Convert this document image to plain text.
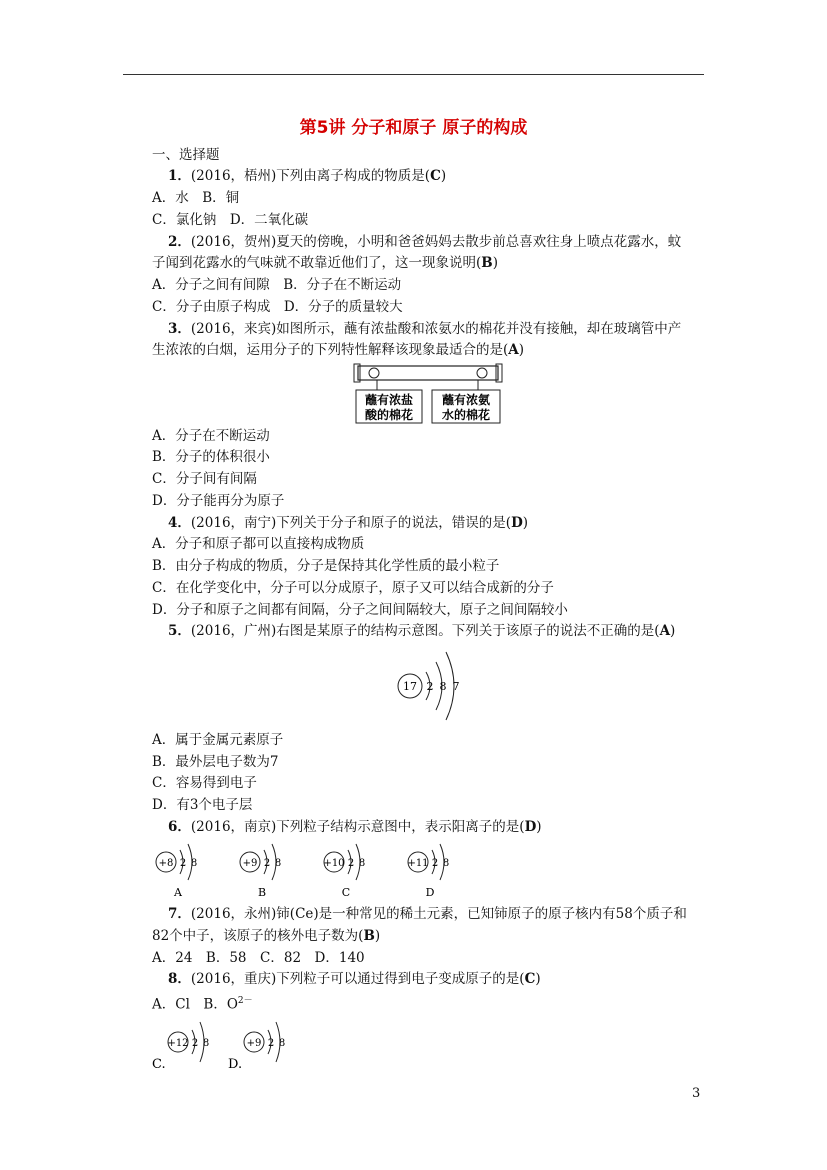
第5讲 分子和原子 原子的构成
一、选择题
1．(2016，梧州)下列由离子构成的物质是(C)
A．水　B．铜
C．氯化钠　D．二氧化碳
2．(2016，贺州)夏天的傍晚，小明和爸爸妈妈去散步前总喜欢往身上喷点花露水，蚊
子闻到花露水的气味就不敢靠近他们了，这一现象说明(B)
A．分子之间有间隙　B．分子在不断运动
C．分子由原子构成　D．分子的质量较大
3．(2016，来宾)如图所示，蘸有浓盐酸和浓氨水的棉花并没有接触，却在玻璃管中产
生浓浓的白烟，运用分子的下列特性解释该现象最适合的是(A)
蘸有浓盐
酸的棉花
蘸有浓氨
水的棉花
A．分子在不断运动
B．分子的体积很小
C．分子间有间隔
D．分子能再分为原子
4．(2016，南宁)下列关于分子和原子的说法，错误的是(D)
A．分子和原子都可以直接构成物质
B．由分子构成的物质，分子是保持其化学性质的最小粒子
C．在化学变化中，分子可以分成原子，原子又可以结合成新的分子
D．分子和原子之间都有间隔，分子之间间隔较大，原子之间间隔较小
5．(2016，广州)右图是某原子的结构示意图。下列关于该原子的说法不正确的是(A)
17 2 8 7
A．属于金属元素原子
B．最外层电子数为7
C．容易得到电子
D．有3个电子层
6．(2016，南京)下列粒子结构示意图中，表示阳离子的是(D)
+8 2 8
A
+9 2 8
B
+10 2 8
C
+11 2 8
D
7．(2016，永州)铈(Ce)是一种常见的稀土元素，已知铈原子的原子核内有58个质子和
82个中子，该原子的核外电子数为(B)
A．24　B．58　C．82　D．140
8．(2016，重庆)下列粒子可以通过得到电子变成原子的是(C)
A．Cl　B．$O^{2-}$
+12 2 8	+9 2 8
C.	D.
3
